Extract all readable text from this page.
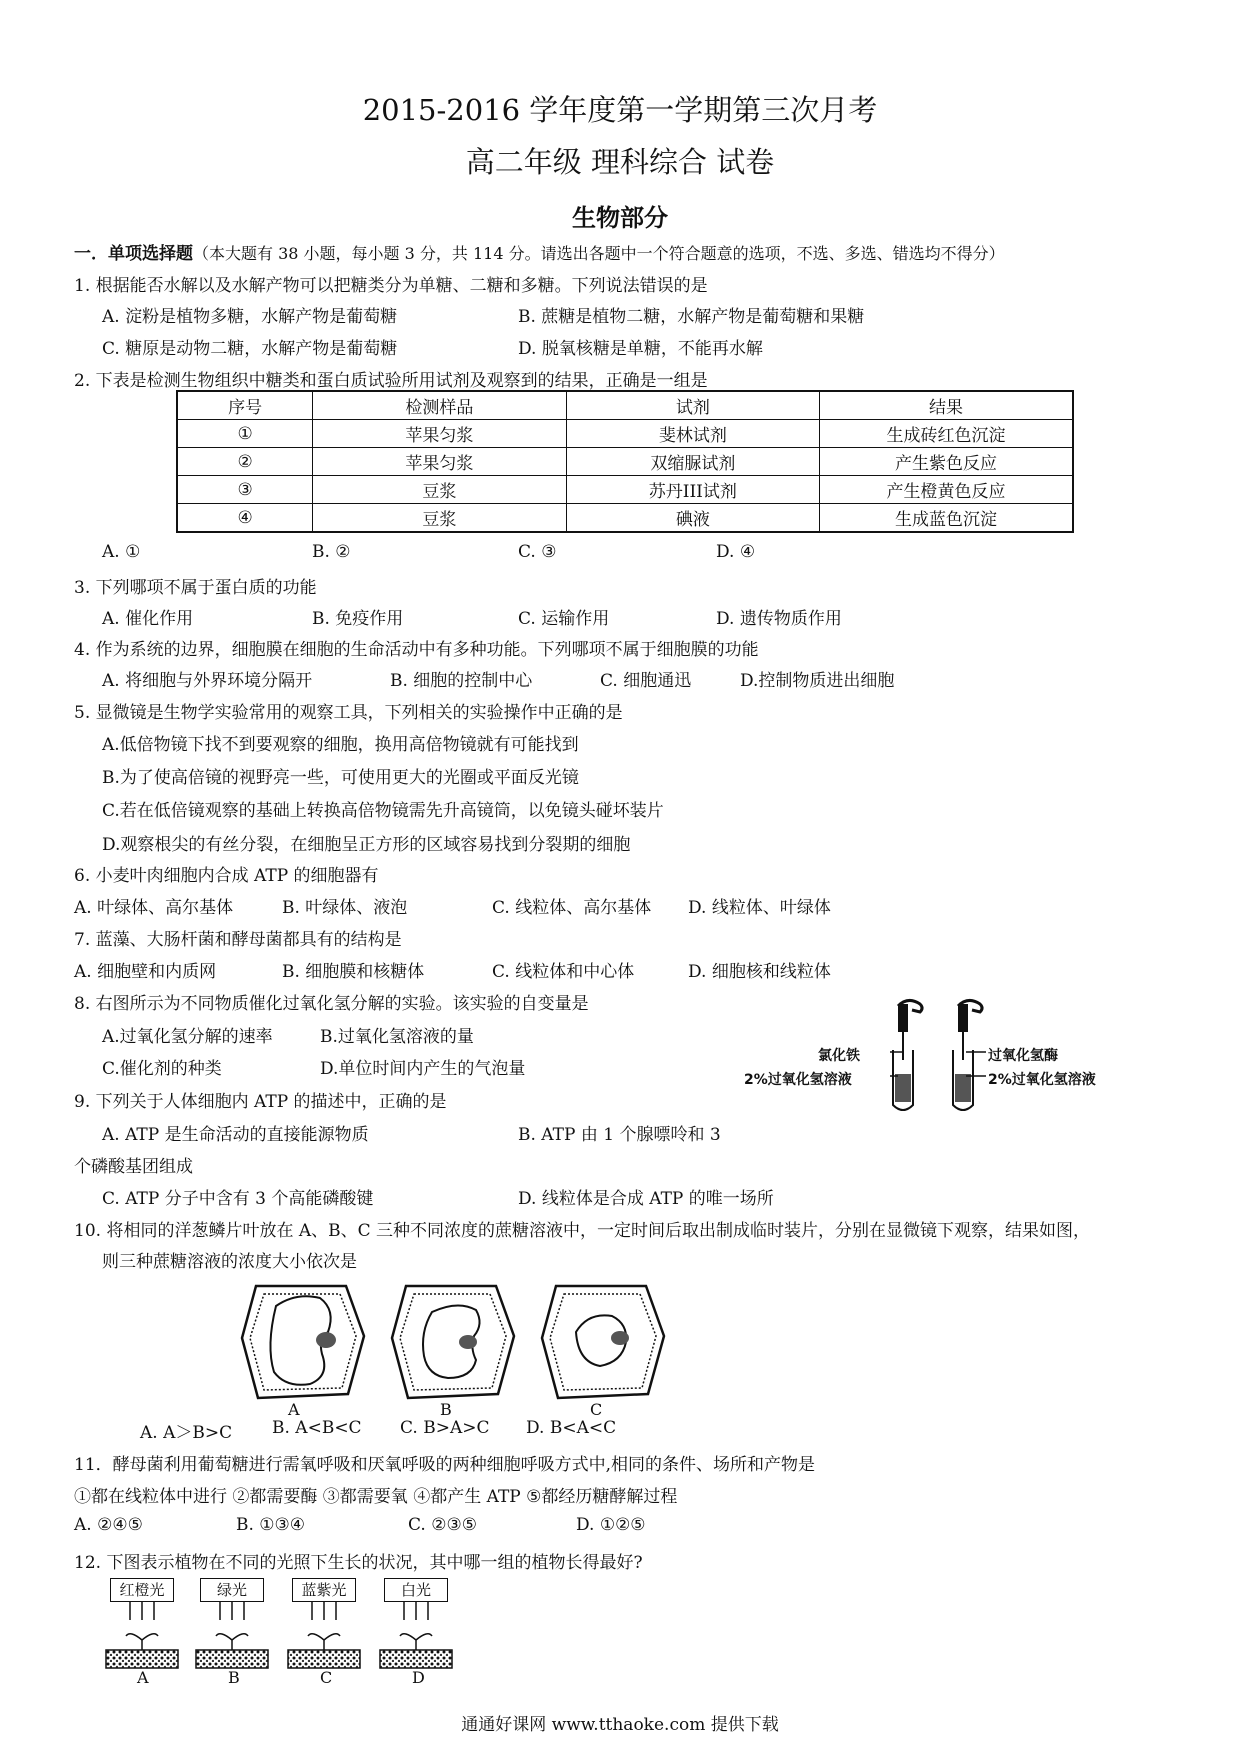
2015-2016 学年度第一学期第三次月考
高二年级 理科综合 试卷
生物部分
一．单项选择题（本大题有 38 小题，每小题 3 分，共 114 分。请选出各题中一个符合题意的选项，不选、多选、错选均不得分）
1. 根据能否水解以及水解产物可以把糖类分为单糖、二糖和多糖。下列说法错误的是
A. 淀粉是植物多糖，水解产物是葡萄糖	B. 蔗糖是植物二糖，水解产物是葡萄糖和果糖
C. 糖原是动物二糖，水解产物是葡萄糖	D. 脱氧核糖是单糖，不能再水解
2. 下表是检测生物组织中糖类和蛋白质试验所用试剂及观察到的结果，正确是一组是
序号	检测样品	试剂	结果
①	苹果匀浆	斐林试剂	生成砖红色沉淀
②	苹果匀浆	双缩脲试剂	产生紫色反应
③	豆浆	苏丹III试剂	产生橙黄色反应
④	豆浆	碘液	生成蓝色沉淀
A. ①	B. ②	C. ③	D. ④
3. 下列哪项不属于蛋白质的功能
A. 催化作用	B. 免疫作用	C. 运输作用	D. 遗传物质作用
4. 作为系统的边界，细胞膜在细胞的生命活动中有多种功能。下列哪项不属于细胞膜的功能
A. 将细胞与外界环境分隔开	B. 细胞的控制中心	C. 细胞通迅	D.控制物质进出细胞
5. 显微镜是生物学实验常用的观察工具，下列相关的实验操作中正确的是
A.低倍物镜下找不到要观察的细胞，换用高倍物镜就有可能找到
B.为了使高倍镜的视野亮一些，可使用更大的光圈或平面反光镜
C.若在低倍镜观察的基础上转换高倍物镜需先升高镜筒，以免镜头碰坏装片
D.观察根尖的有丝分裂，在细胞呈正方形的区域容易找到分裂期的细胞
6. 小麦叶肉细胞内合成 ATP 的细胞器有
A. 叶绿体、高尔基体	B. 叶绿体、液泡	C. 线粒体、高尔基体 D. 线粒体、叶绿体
7. 蓝藻、大肠杆菌和酵母菌都具有的结构是
A. 细胞壁和内质网	B. 细胞膜和核糖体	C. 线粒体和中心体	D. 细胞核和线粒体
8. 右图所示为不同物质催化过氧化氢分解的实验。该实验的自变量是
A.过氧化氢分解的速率	B.过氧化氢溶液的量
C.催化剂的种类	D.单位时间内产生的气泡量
氯化铁
2%过氧化氢溶液
过氧化氢酶
2%过氧化氢溶液
9. 下列关于人体细胞内 ATP 的描述中，正确的是
A. ATP 是生命活动的直接能源物质	B. ATP 由 1 个腺嘌呤和 3
个磷酸基团组成
C. ATP 分子中含有 3 个高能磷酸键	D. 线粒体是合成 ATP 的唯一场所
10. 将相同的洋葱鳞片叶放在 A、B、C 三种不同浓度的蔗糖溶液中，一定时间后取出制成临时装片，分别在显微镜下观察，结果如图，
则三种蔗糖溶液的浓度大小依次是
A	B	C
A. A＞B>C B. A<B<C C. B>A>C D. B<A<C
11．酵母菌利用葡萄糖进行需氧呼吸和厌氧呼吸的两种细胞呼吸方式中,相同的条件、场所和产物是
①都在线粒体中进行 ②都需要酶 ③都需要氧 ④都产生 ATP ⑤都经历糖酵解过程
A. ②④⑤	B. ①③④	C. ②③⑤	D. ①②⑤
12. 下图表示植物在不同的光照下生长的状况，其中哪一组的植物长得最好?
红橙光	绿光	蓝紫光	白光
A	B	C	D
通通好课网 www.tthaoke.com 提供下载
